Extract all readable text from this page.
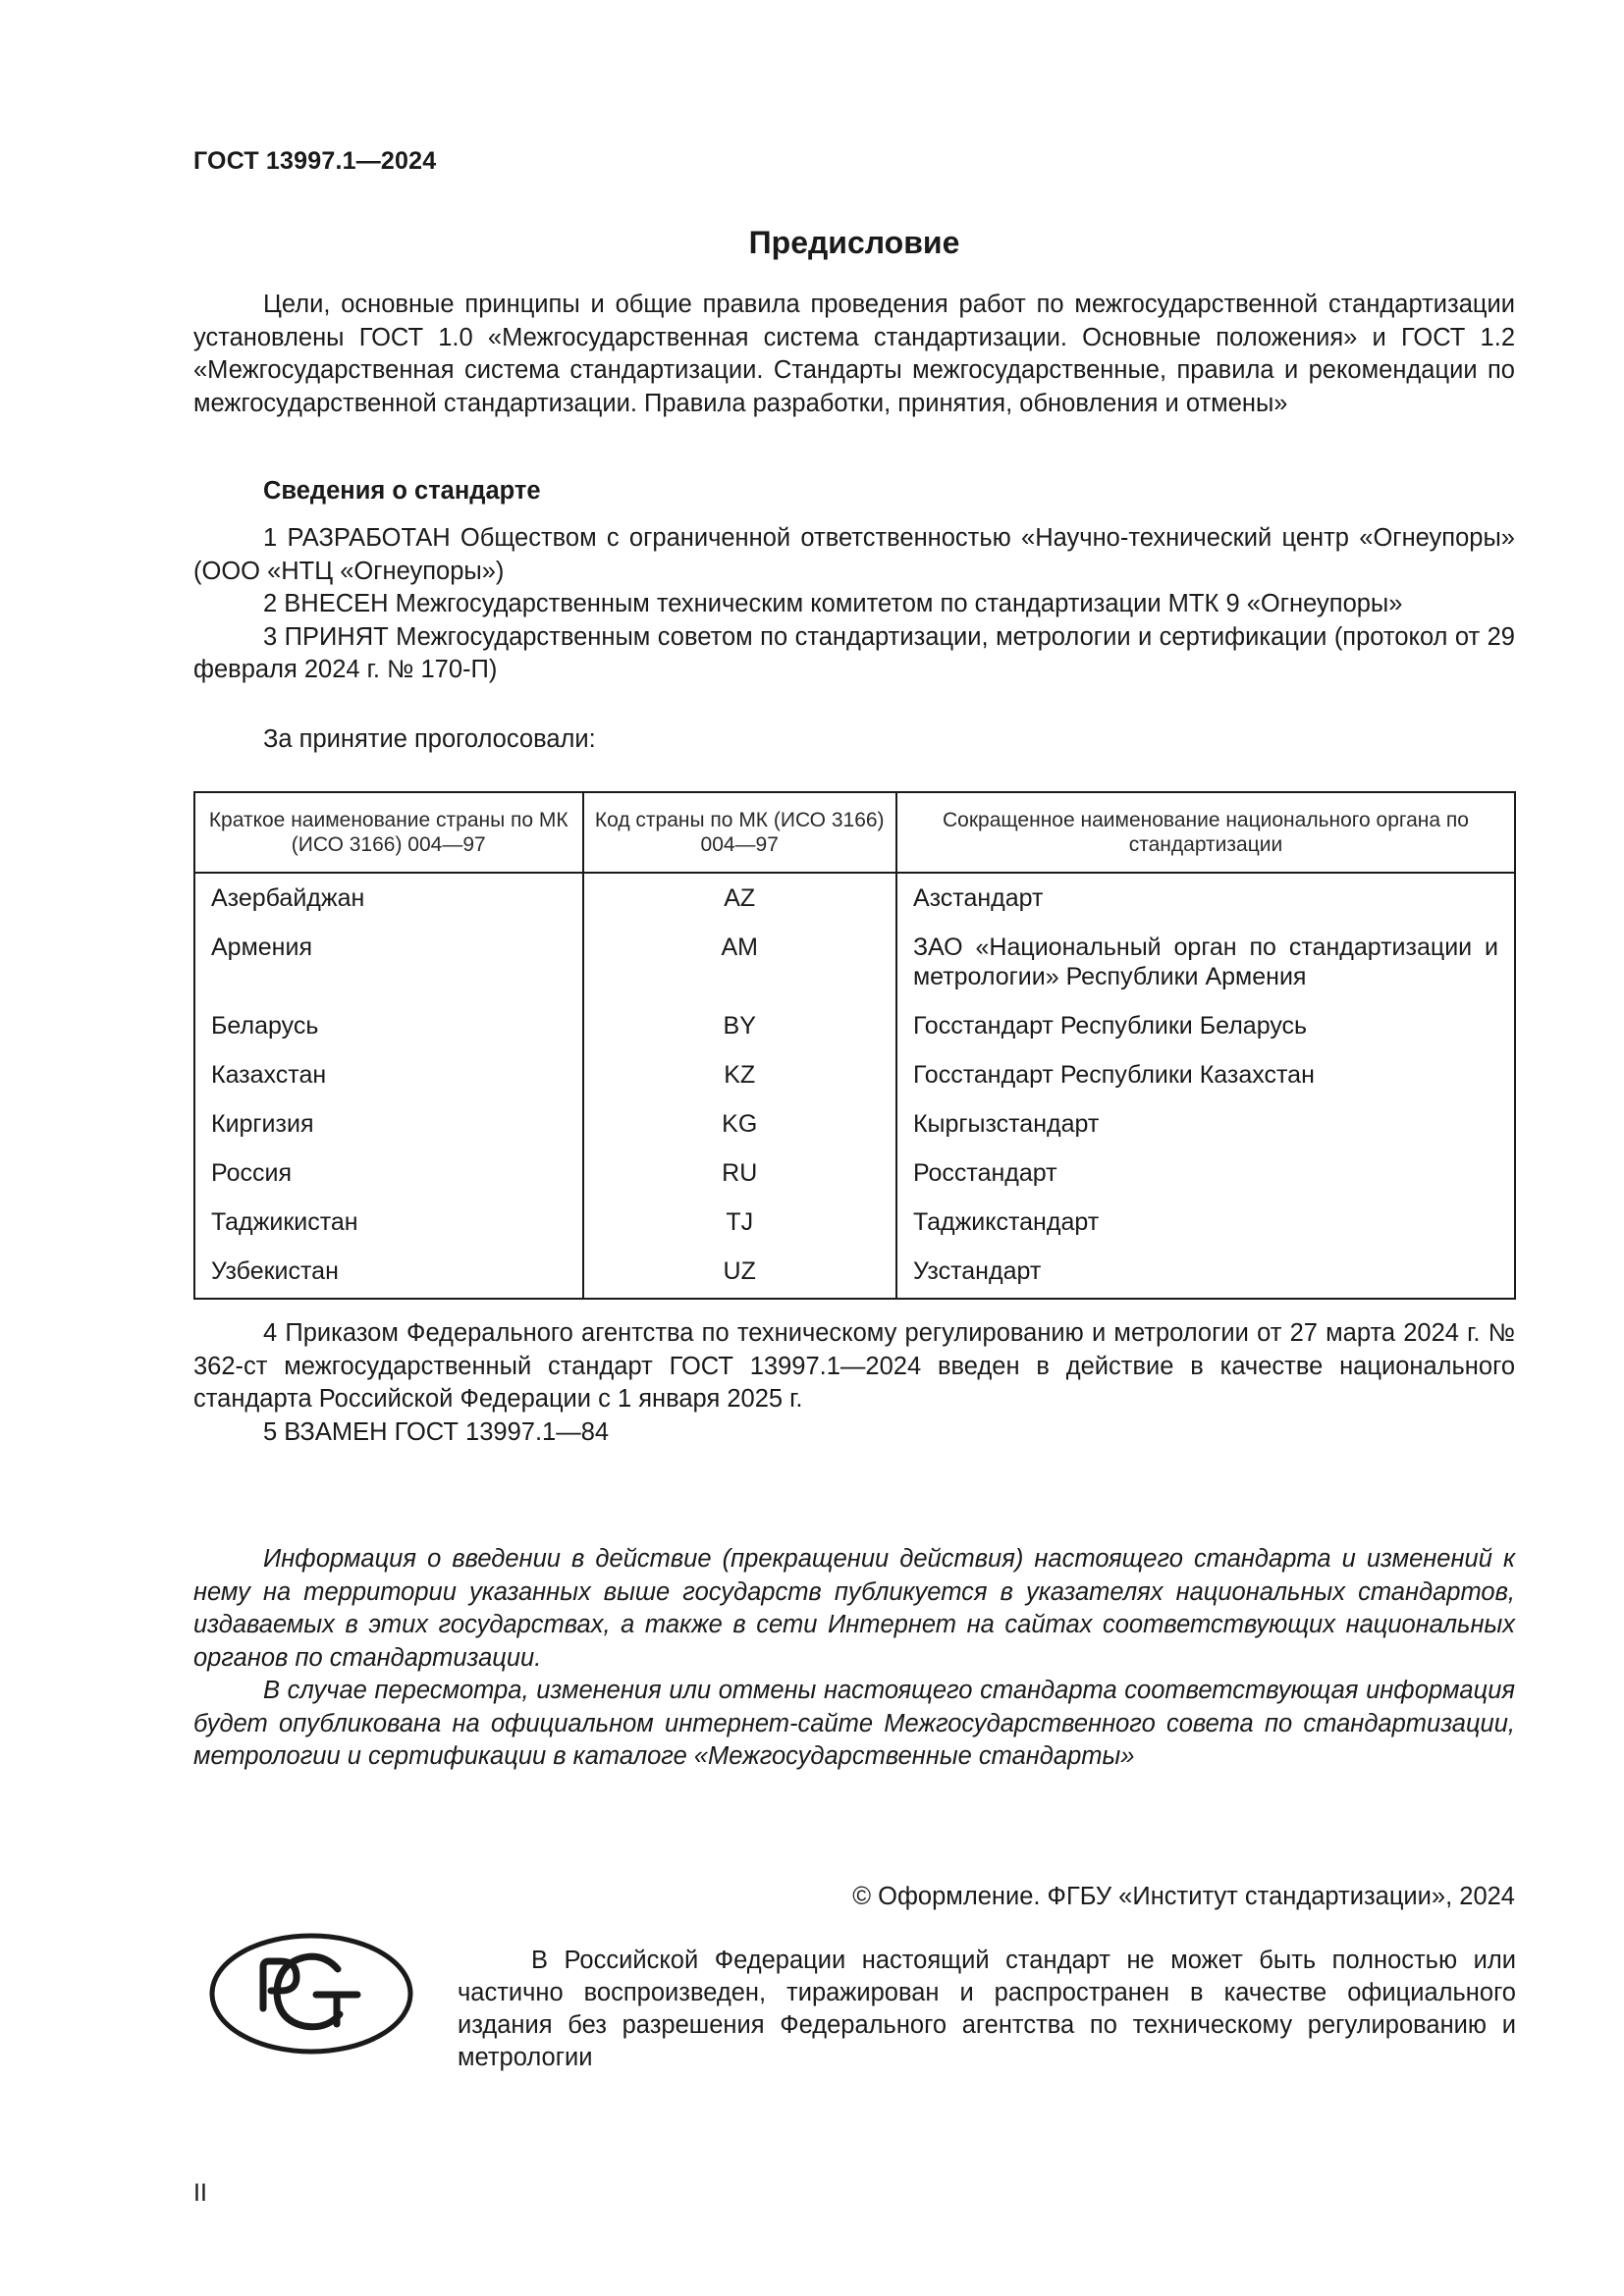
ГОСТ 13997.1—2024
Предисловие

Цели, основные принципы и общие правила проведения работ по межгосударственной стандартизации установлены ГОСТ 1.0 «Межгосударственная система стандартизации. Основные положения» и ГОСТ 1.2 «Межгосударственная система стандартизации. Стандарты межгосударственные, правила и рекомендации по межгосударственной стандартизации. Правила разработки, принятия, обновления и отмены»

Сведения о стандарте

1 РАЗРАБОТАН Обществом с ограниченной ответственностью «Научно-технический центр «Огнеупоры» (ООО «НТЦ «Огнеупоры»)

2 ВНЕСЕН Межгосударственным техническим комитетом по стандартизации МТК 9 «Огнеупоры»

3 ПРИНЯТ Межгосударственным советом по стандартизации, метрологии и сертификации (протокол от 29 февраля 2024 г. № 170-П)

За принятие проголосовали:

Краткое наименование страны по МК (ИСО 3166) 004—97	Код страны по МК (ИСО 3166) 004—97	Сокращенное наименование национального органа по стандартизации
Азербайджан	AZ	Азстандарт
Армения	AM	ЗАО «Национальный орган по стандартизации и метрологии» Республики Армения
Беларусь	BY	Госстандарт Республики Беларусь
Казахстан	KZ	Госстандарт Республики Казахстан
Киргизия	KG	Кыргызстандарт
Россия	RU	Росстандарт
Таджикистан	TJ	Таджикстандарт
Узбекистан	UZ	Узстандарт

4 Приказом Федерального агентства по техническому регулированию и метрологии от 27 марта 2024 г. № 362-ст межгосударственный стандарт ГОСТ 13997.1—2024 введен в действие в качестве национального стандарта Российской Федерации с 1 января 2025 г.

5 ВЗАМЕН ГОСТ 13997.1—84

Информация о введении в действие (прекращении действия) настоящего стандарта и изменений к нему на территории указанных выше государств публикуется в указателях национальных стандартов, издаваемых в этих государствах, а также в сети Интернет на сайтах соответствующих национальных органов по стандартизации.

В случае пересмотра, изменения или отмены настоящего стандарта соответствующая информация будет опубликована на официальном интернет-сайте Межгосударственного совета по стандартизации, метрологии и сертификации в каталоге «Межгосударственные стандарты»

© Оформление. ФГБУ «Институт стандартизации», 2024

В Российской Федерации настоящий стандарт не может быть полностью или частично воспроизведен, тиражирован и распространен в качестве официального издания без разрешения Федерального агентства по техническому регулированию и метрологии

II
